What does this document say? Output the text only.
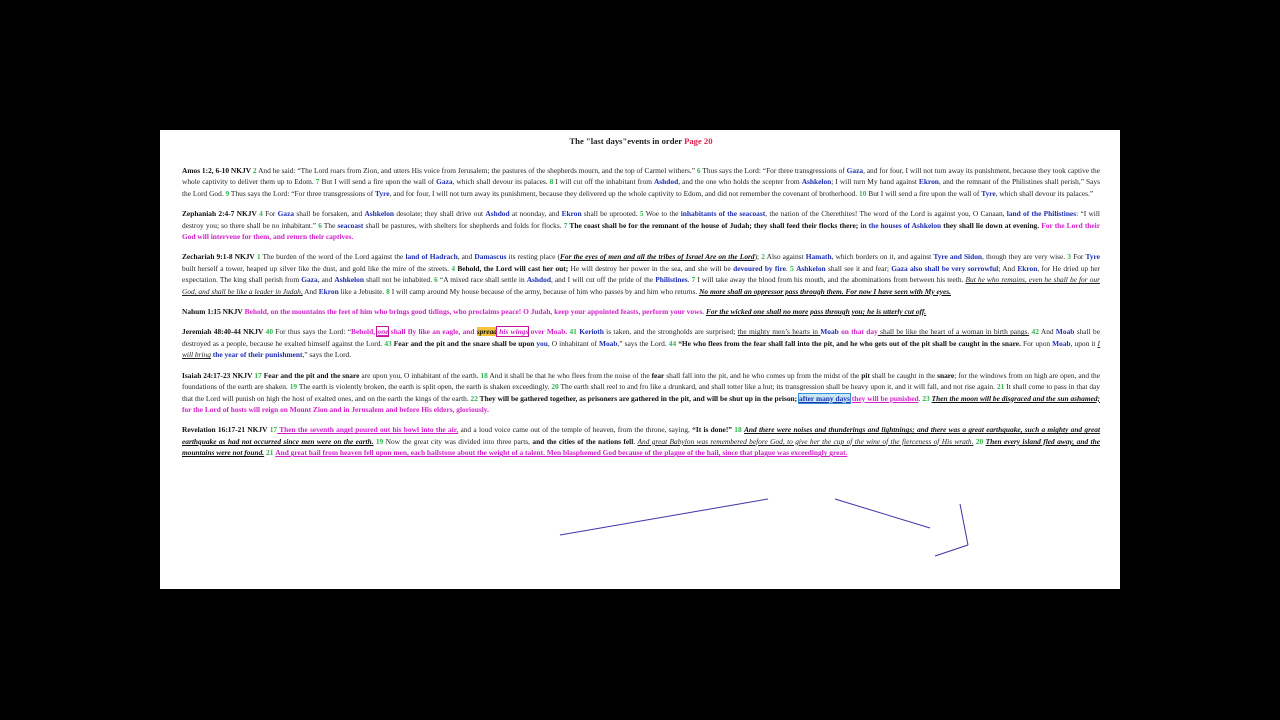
The "last days"events in order Page 20

Amos 1:2, 6-10 NKJV 2 And he said: “The Lord roars from Zion, and utters His voice from Jerusalem; the pastures of the shepherds mourn, and the top of Carmel withers.” 6 Thus says the Lord: “For three transgressions of Gaza, and for four, I will not turn away its punishment, because they took captive the whole captivity to deliver them up to Edom. 7 But I will send a fire upon the wall of Gaza, which shall devour its palaces. 8 I will cut off the inhabitant from Ashdod, and the one who holds the scepter from Ashkelon; I will turn My hand against Ekron, and the remnant of the Philistines shall perish,” Says the Lord God. 9 Thus says the Lord: “For three transgressions of Tyre, and for four, I will not turn away its punishment, because they delivered up the whole captivity to Edom, and did not remember the covenant of brotherhood. 10 But I will send a fire upon the wall of Tyre, which shall devour its palaces.”

Zephaniah 2:4-7 NKJV 4 For Gaza shall be forsaken, and Ashkelon desolate; they shall drive out Ashdod at noonday, and Ekron shall be uprooted. 5 Woe to the inhabitants of the seacoast, the nation of the Cherethites! The word of the Lord is against you, O Canaan, land of the Philistines: “I will destroy you; so there shall be no inhabitant.” 6 The seacoast shall be pastures, with shelters for shepherds and folds for flocks. 7 The coast shall be for the remnant of the house of Judah; they shall feed their flocks there; in the houses of Ashkelon they shall lie down at evening. For the Lord their God will intervene for them, and return their captives.

Zechariah 9:1-8 NKJV 1 The burden of the word of the Lord against the land of Hadrach, and Damascus its resting place (For the eyes of men and all the tribes of Israel Are on the Lord); 2 Also against Hamath, which borders on it, and against Tyre and Sidon, though they are very wise. 3 For Tyre built herself a tower, heaped up silver like the dust, and gold like the mire of the streets. 4 Behold, the Lord will cast her out; He will destroy her power in the sea, and she will be devoured by fire. 5 Ashkelon shall see it and fear; Gaza also shall be very sorrowful; And Ekron, for He dried up her expectation. The king shall perish from Gaza, and Ashkelon shall not be inhabited. 6 “A mixed race shall settle in Ashdod, and I will cut off the pride of the Philistines. 7 I will take away the blood from his mouth, and the abominations from between his teeth. But he who remains, even he shall be for our God, and shall be like a leader in Judah, And Ekron like a Jebusite. 8 I will camp around My house because of the army, because of him who passes by and him who returns. No more shall an oppressor pass through them. For now I have seen with My eyes.

Nahum 1:15 NKJV Behold, on the mountains the feet of him who brings good tidings, who proclaims peace! O Judah, keep your appointed feasts, perform your vows. For the wicked one shall no more pass through you; he is utterly cut off.

Jeremiah 48:40-44 NKJV 40 For thus says the Lord: “Behold, one shall fly like an eagle, and spread his wings over Moab. 41 Kerioth is taken, and the strongholds are surprised; the mighty men’s hearts in Moab on that day shall be like the heart of a woman in birth pangs. 42 And Moab shall be destroyed as a people, because he exalted himself against the Lord. 43 Fear and the pit and the snare shall be upon you, O inhabitant of Moab,” says the Lord. 44 “He who flees from the fear shall fall into the pit, and he who gets out of the pit shall be caught in the snare. For upon Moab, upon it I will bring the year of their punishment,” says the Lord.

Isaiah 24:17-23 NKJV 17 Fear and the pit and the snare are upon you, O inhabitant of the earth. 18 And it shall be that he who flees from the noise of the fear shall fall into the pit, and he who comes up from the midst of the pit shall be caught in the snare; for the windows from on high are open, and the foundations of the earth are shaken. 19 The earth is violently broken, the earth is split open, the earth is shaken exceedingly. 20 The earth shall reel to and fro like a drunkard, and shall totter like a hut; its transgression shall be heavy upon it, and it will fall, and not rise again. 21 It shall come to pass in that day that the Lord will punish on high the host of exalted ones, and on the earth the kings of the earth. 22 They will be gathered together, as prisoners are gathered in the pit, and will be shut up in the prison; after many days they will be punished. 23 Then the moon will be disgraced and the sun ashamed; for the Lord of hosts will reign on Mount Zion and in Jerusalem and before His elders, gloriously.

Revelation 16:17-21 NKJV 17 Then the seventh angel poured out his bowl into the air, and a loud voice came out of the temple of heaven, from the throne, saying, “It is done!” 18 And there were noises and thunderings and lightnings; and there was a great earthquake, such a mighty and great earthquake as had not occurred since men were on the earth. 19 Now the great city was divided into three parts, and the cities of the nations fell. And great Babylon was remembered before God, to give her the cup of the wine of the fierceness of His wrath. 20 Then every island fled away, and the mountains were not found. 21 And great hail from heaven fell upon men, each hailstone about the weight of a talent. Men blasphemed God because of the plague of the hail, since that plague was exceedingly great.
